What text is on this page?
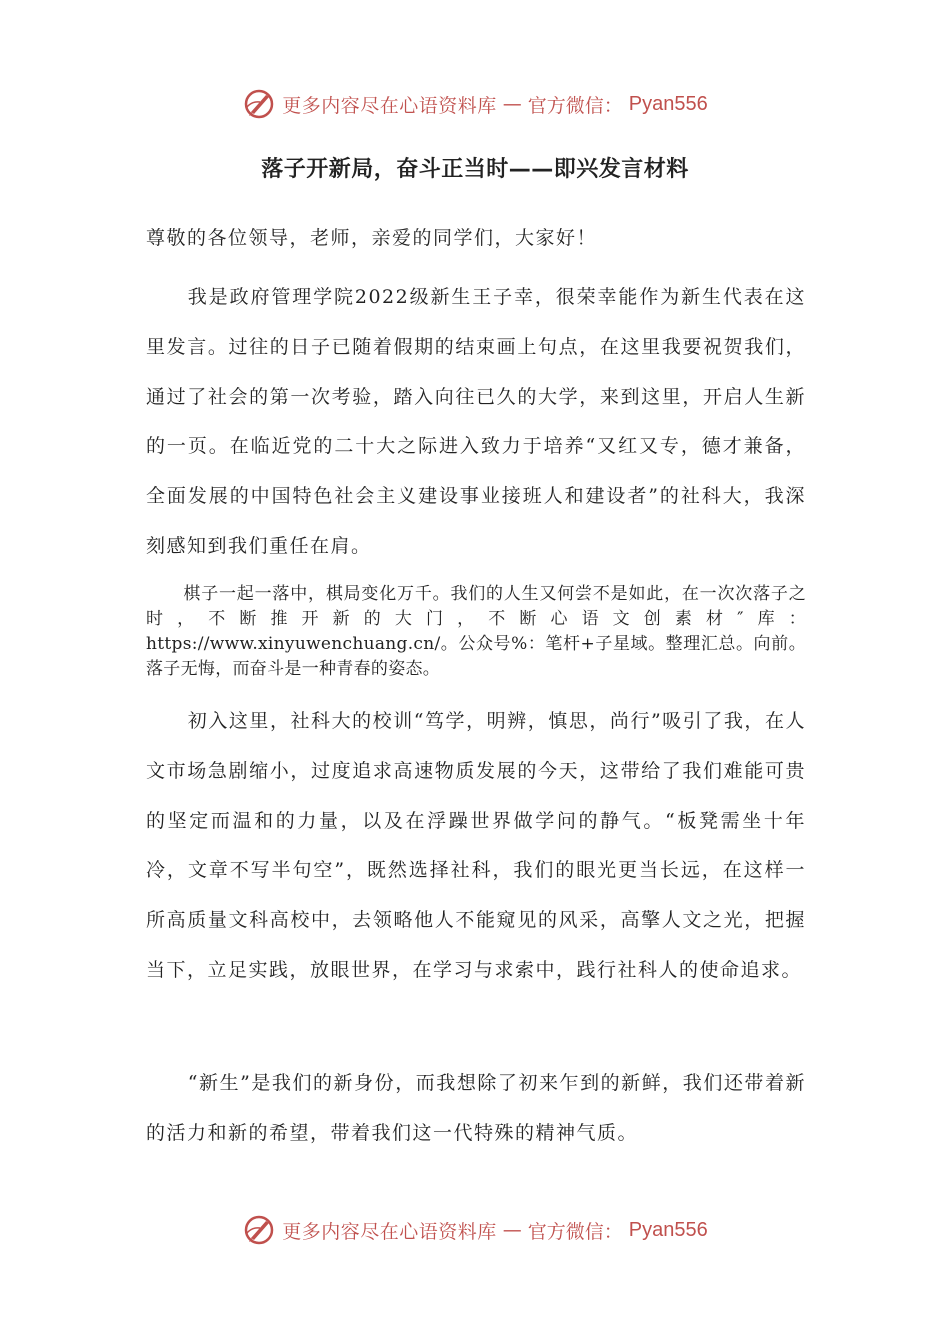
更多内容尽在心语资料库 — 官方微信： Pyan556
落子开新局，奋斗正当时——即兴发言材料

尊敬的各位领导，老师，亲爱的同学们，大家好！

我是政府管理学院2022级新生王子幸，很荣幸能作为新生代表在这里发言。过往的日子已随着假期的结束画上句点，在这里我要祝贺我们，通过了社会的第一次考验，踏入向往已久的大学，来到这里，开启人生新的一页。在临近党的二十大之际进入致力于培养“又红又专，德才兼备，全面发展的中国特色社会主义建设事业接班人和建设者”的社科大，我深刻感知到我们重任在肩。

棋子一起一落中，棋局变化万千。我们的人生又何尝不是如此，在一次次落子之时，不断推开新的大门，不断心语文创素材″库：https://www.xinyuwenchuang.cn/。公众号%：笔杆+子星域。整理汇总。向前。落子无悔，而奋斗是一种青春的姿态。

初入这里，社科大的校训“笃学，明辨，慎思，尚行”吸引了我，在人文市场急剧缩小，过度追求高速物质发展的今天，这带给了我们难能可贵的坚定而温和的力量，以及在浮躁世界做学问的静气。“板凳需坐十年冷，文章不写半句空”，既然选择社科，我们的眼光更当长远，在这样一所高质量文科高校中，去领略他人不能窥见的风采，高擎人文之光，把握当下，立足实践，放眼世界，在学习与求索中，践行社科人的使命追求。

“新生”是我们的新身份，而我想除了初来乍到的新鲜，我们还带着新的活力和新的希望，带着我们这一代特殊的精神气质。

更多内容尽在心语资料库 — 官方微信： Pyan556
